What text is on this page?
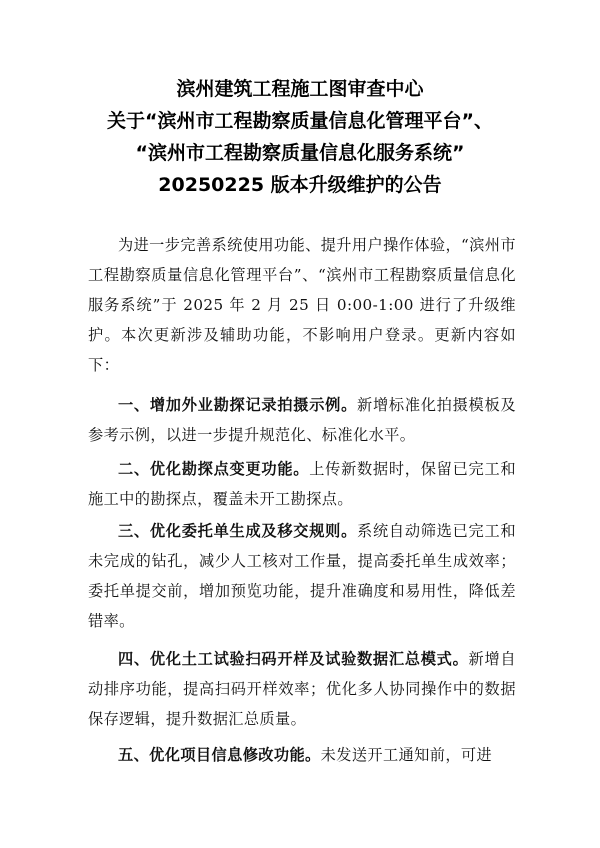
滨州建筑工程施工图审查中心
关于“滨州市工程勘察质量信息化管理平台”、
“滨州市工程勘察质量信息化服务系统”
20250225 版本升级维护的公告

为进一步完善系统使用功能、提升用户操作体验，“滨州市工程勘察质量信息化管理平台”、“滨州市工程勘察质量信息化服务系统”于 2025 年 2 月 25 日 0:00-1:00 进行了升级维护。本次更新涉及辅助功能，不影响用户登录。更新内容如下：

一、增加外业勘探记录拍摄示例。新增标准化拍摄模板及参考示例，以进一步提升规范化、标准化水平。

二、优化勘探点变更功能。上传新数据时，保留已完工和施工中的勘探点，覆盖未开工勘探点。

三、优化委托单生成及移交规则。系统自动筛选已完工和未完成的钻孔，减少人工核对工作量，提高委托单生成效率；委托单提交前，增加预览功能，提升准确度和易用性，降低差错率。

四、优化土工试验扫码开样及试验数据汇总模式。新增自动排序功能，提高扫码开样效率；优化多人协同操作中的数据保存逻辑，提升数据汇总质量。

五、优化项目信息修改功能。未发送开工通知前，可进
